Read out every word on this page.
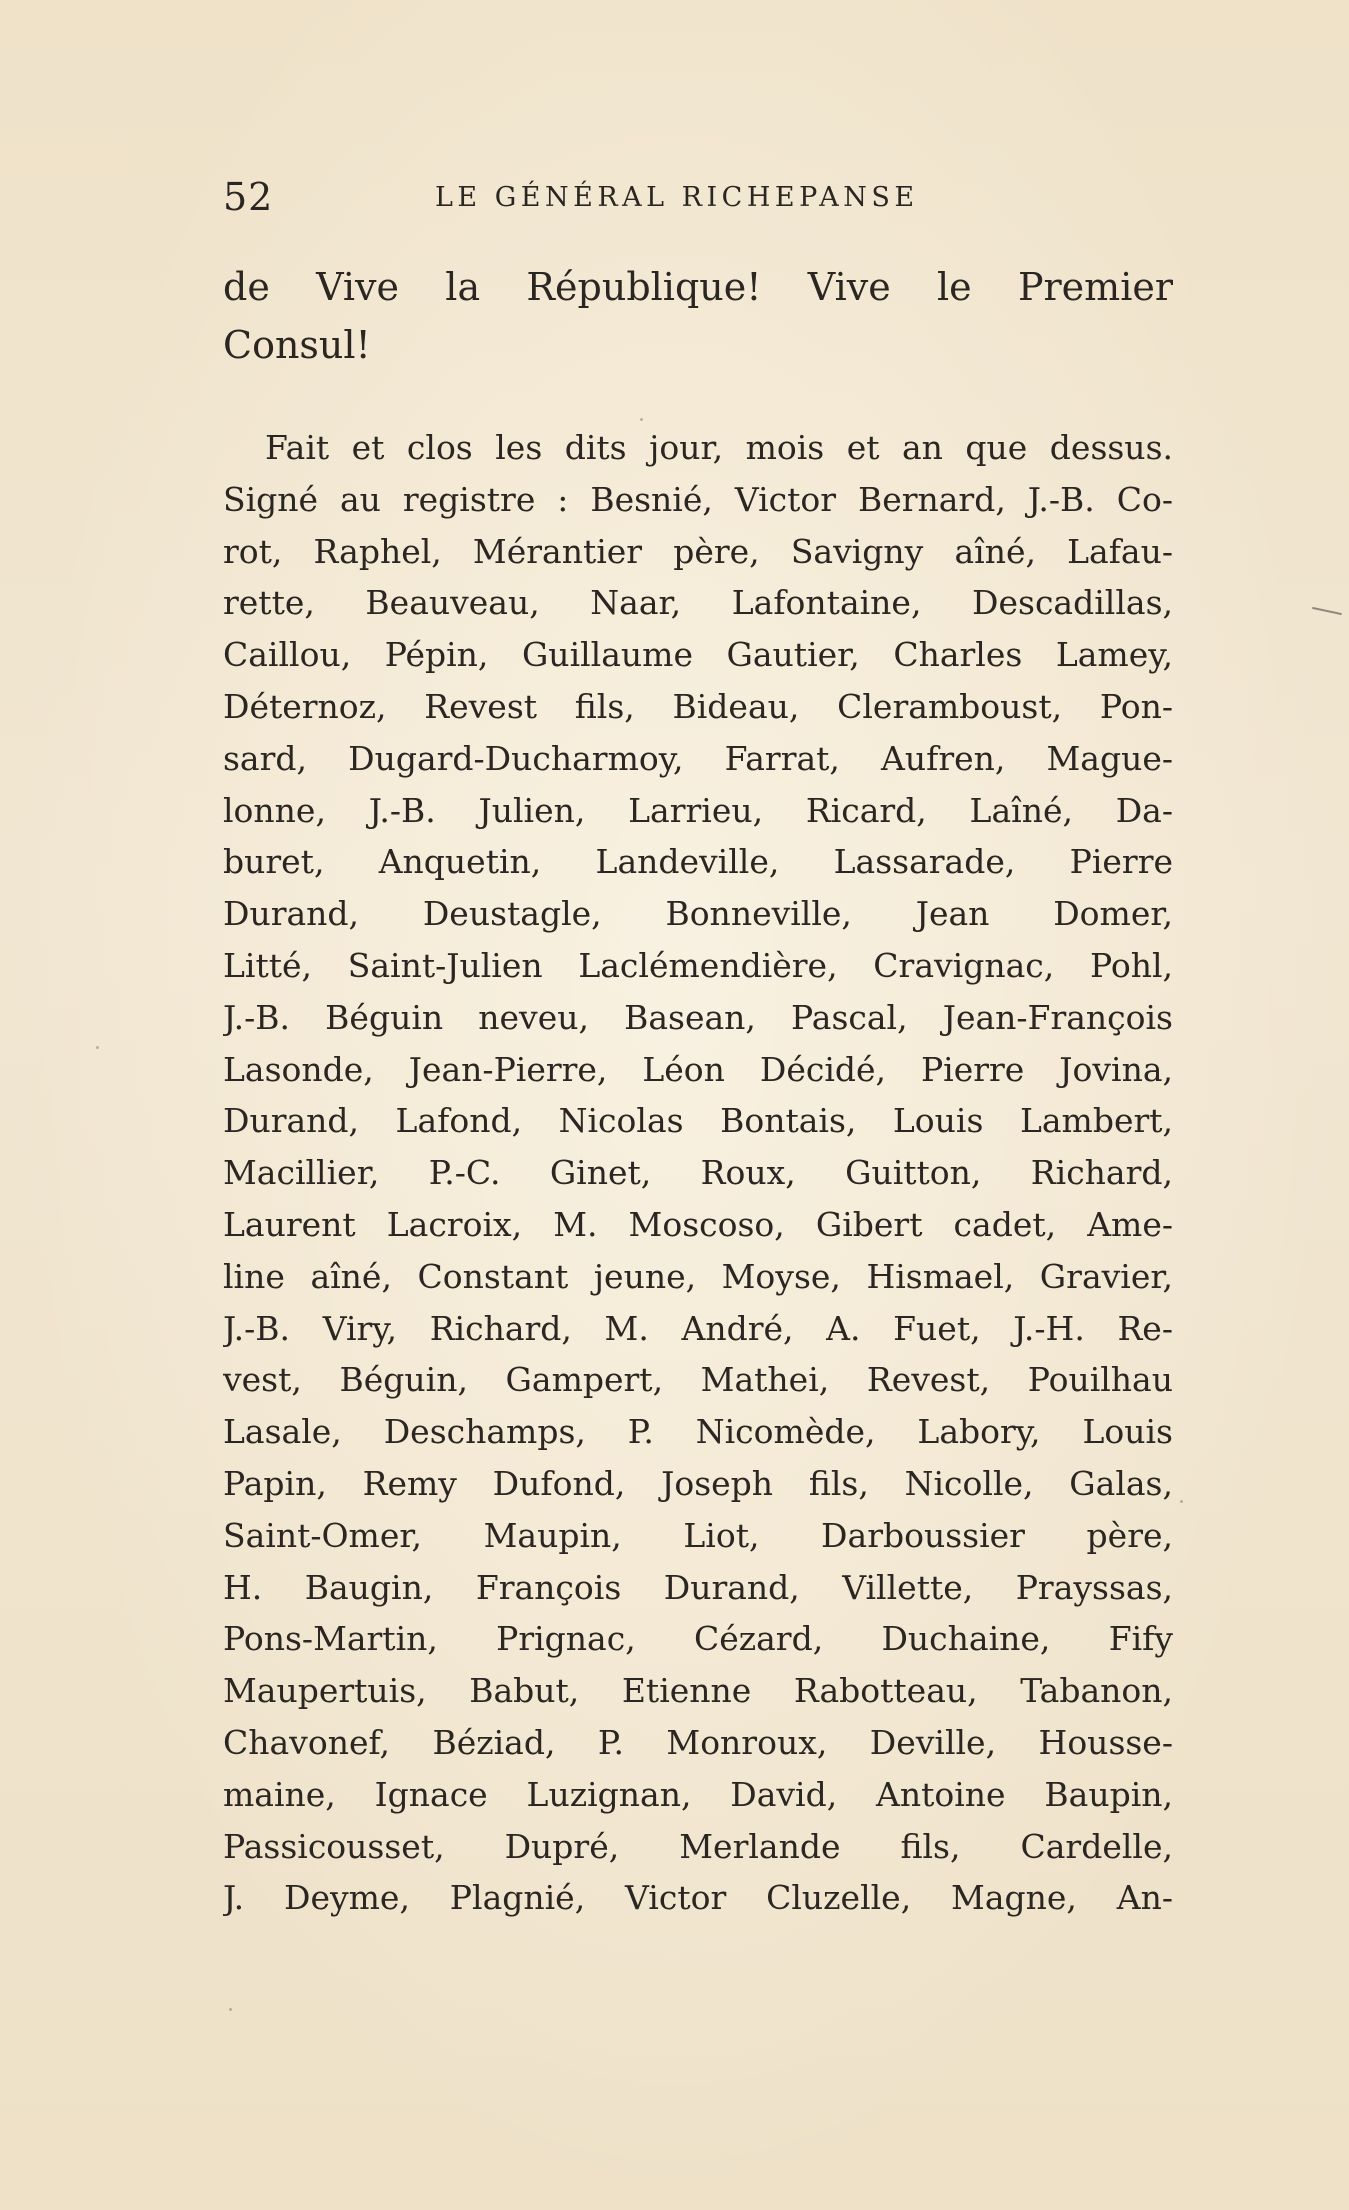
52	LE GÉNÉRAL RICHEPANSE
de Vive la République! Vive le Premier
Consul!
Fait et clos les dits jour, mois et an que dessus.
Signé au registre : Besnié, Victor Bernard, J.-B. Co-
rot, Raphel, Mérantier père, Savigny aîné, Lafau-
rette, Beauveau, Naar, Lafontaine, Descadillas,
Caillou, Pépin, Guillaume Gautier, Charles Lamey,
Déternoz, Revest fils, Bideau, Cleramboust, Pon-
sard, Dugard-Ducharmoy, Farrat, Aufren, Mague-
lonne, J.-B. Julien, Larrieu, Ricard, Laîné, Da-
buret, Anquetin, Landeville, Lassarade, Pierre
Durand, Deustagle, Bonneville, Jean Domer,
Litté, Saint-Julien Laclémendière, Cravignac, Pohl,
J.-B. Béguin neveu, Basean, Pascal, Jean-François
Lasonde, Jean-Pierre, Léon Décidé, Pierre Jovina,
Durand, Lafond, Nicolas Bontais, Louis Lambert,
Macillier, P.-C. Ginet, Roux, Guitton, Richard,
Laurent Lacroix, M. Moscoso, Gibert cadet, Ame-
line aîné, Constant jeune, Moyse, Hismael, Gravier,
J.-B. Viry, Richard, M. André, A. Fuet, J.-H. Re-
vest, Béguin, Gampert, Mathei, Revest, Pouilhau
Lasale, Deschamps, P. Nicomède, Labory, Louis
Papin, Remy Dufond, Joseph fils, Nicolle, Galas,
Saint-Omer, Maupin, Liot, Darboussier père,
H. Baugin, François Durand, Villette, Prayssas,
Pons-Martin, Prignac, Cézard, Duchaine, Fify
Maupertuis, Babut, Etienne Rabotteau, Tabanon,
Chavonef, Béziad, P. Monroux, Deville, Housse-
maine, Ignace Luzignan, David, Antoine Baupin,
Passicousset, Dupré, Merlande fils, Cardelle,
J. Deyme, Plagnié, Victor Cluzelle, Magne, An-
